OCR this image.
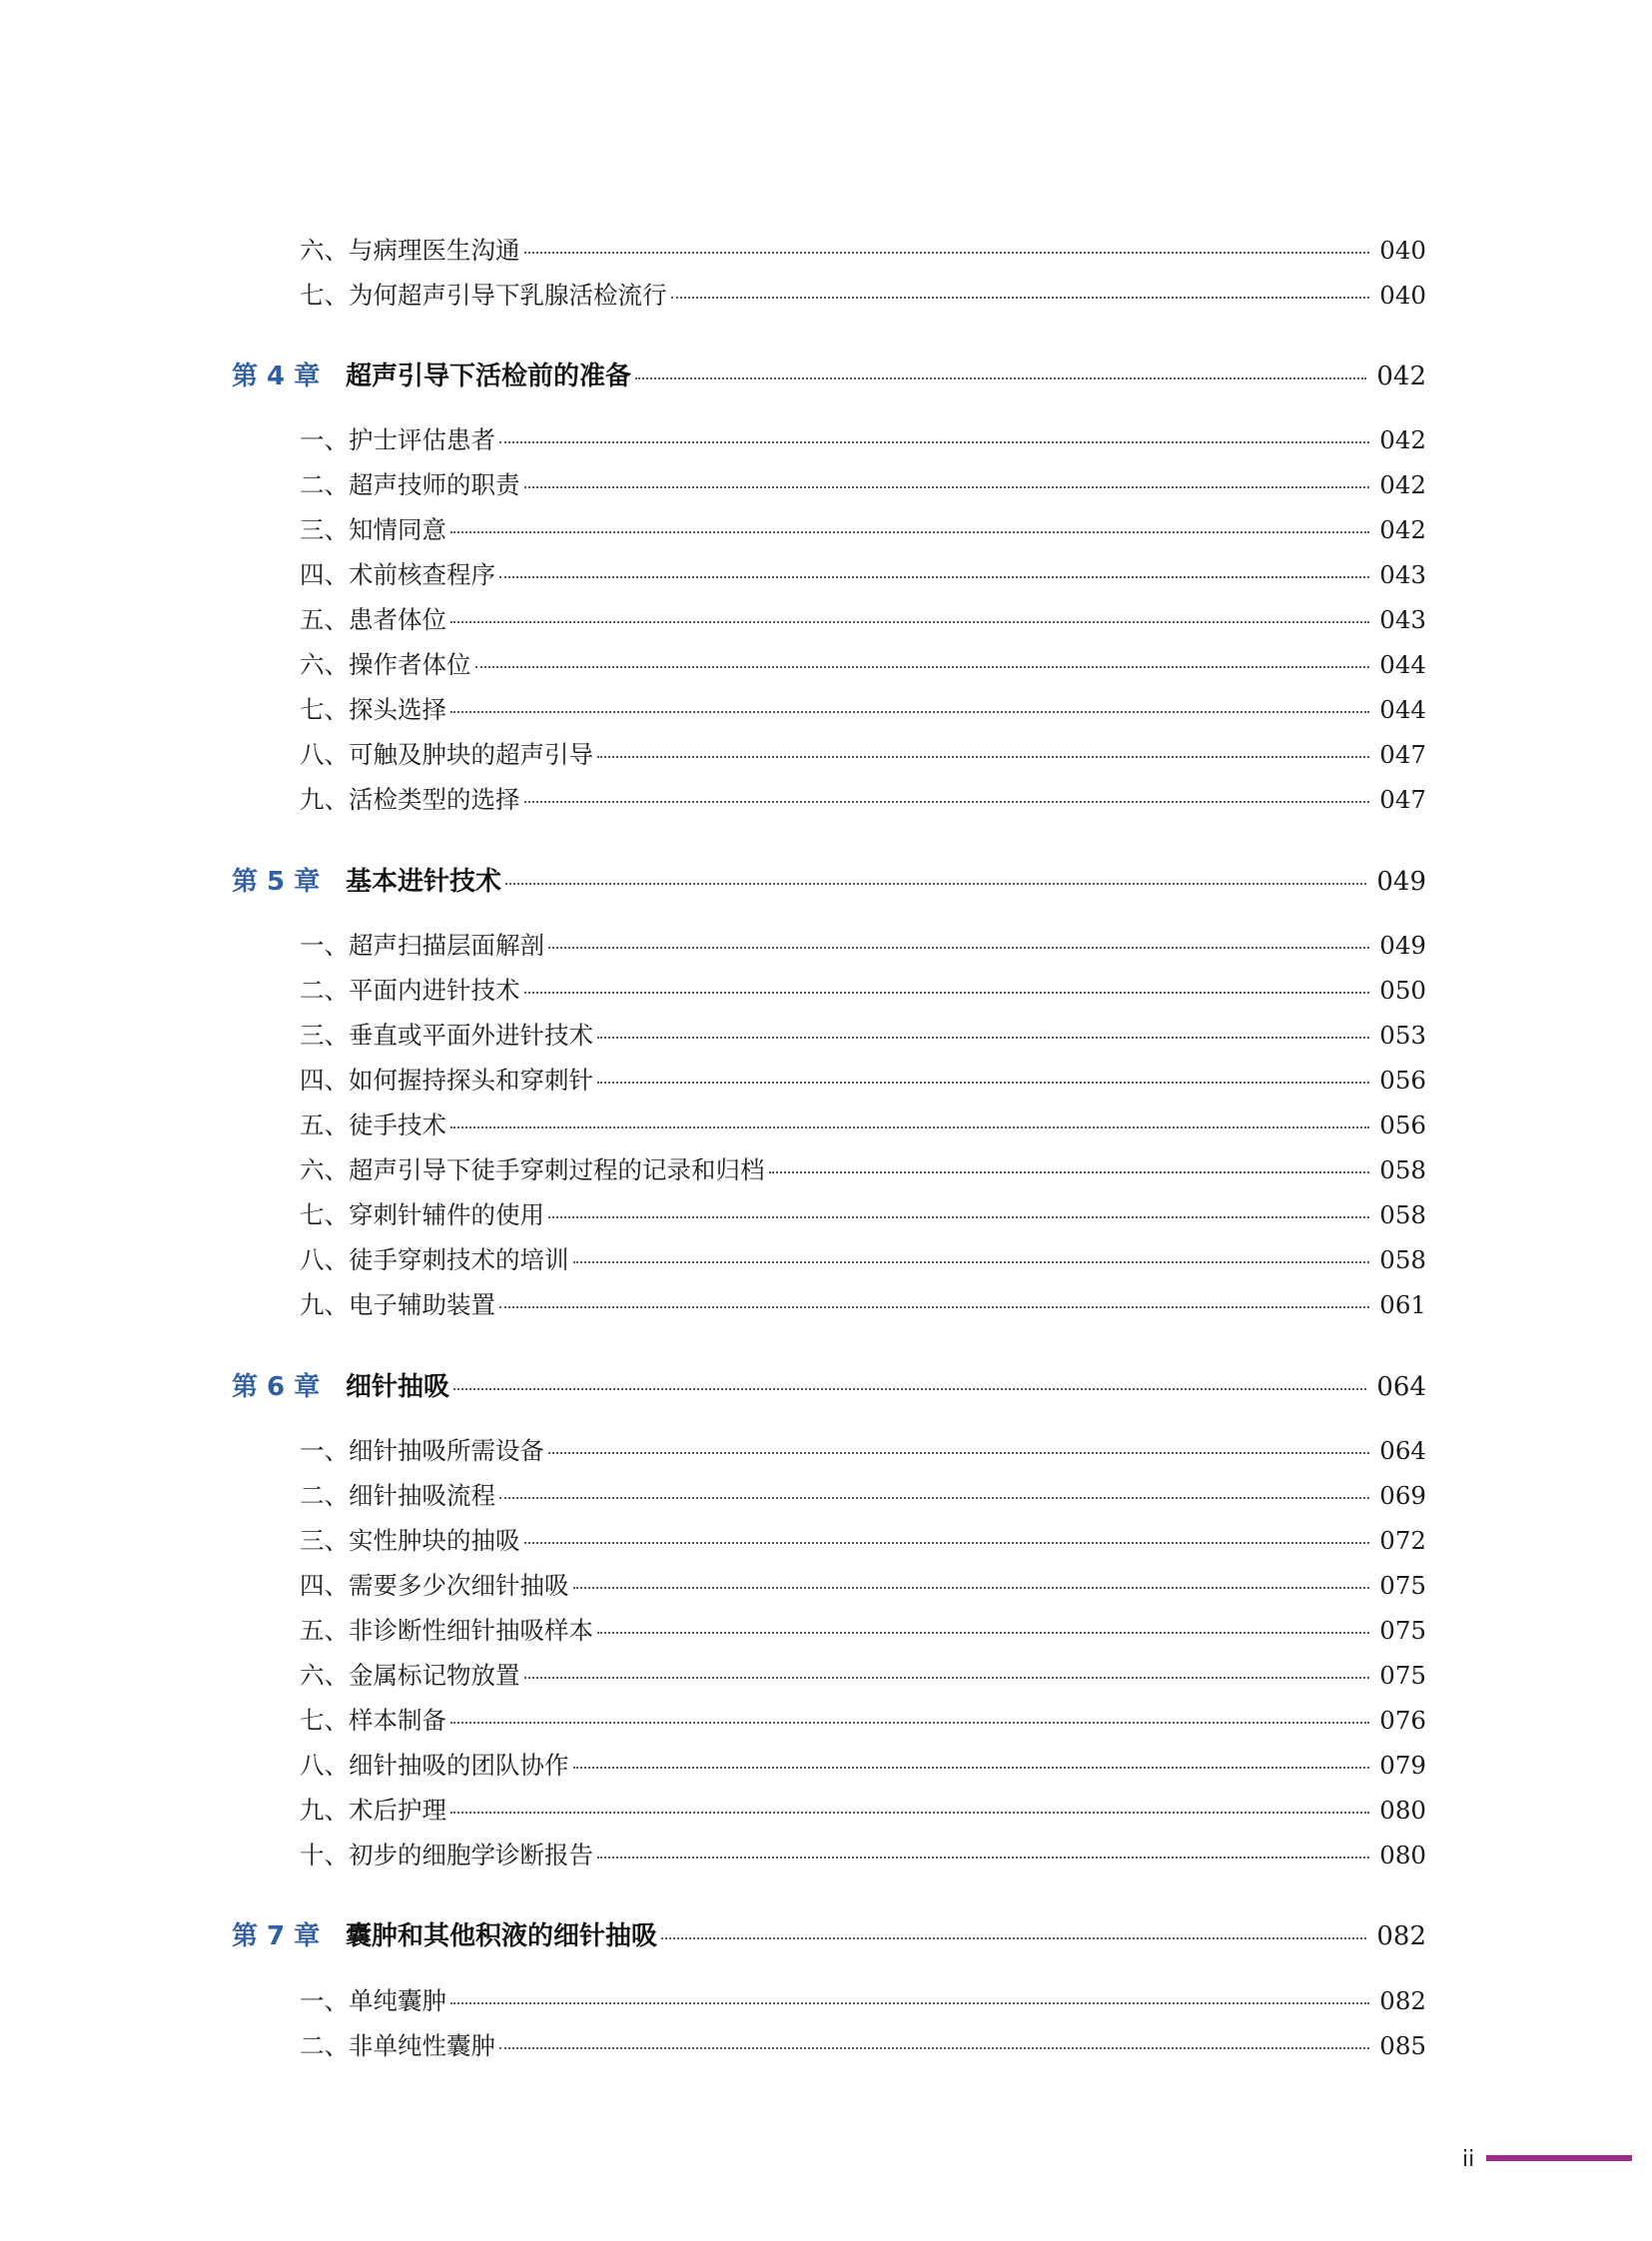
六、 与病理医生沟通	040
七、 为何超声引导下乳腺活检流行	040
第 4 章 超声引导下活检前的准备	042
一、 护士评估患者	042
二、 超声技师的职责	042
三、 知情同意	042
四、 术前核查程序	043
五、 患者体位	043
六、 操作者体位	044
七、 探头选择	044
八、 可触及肿块的超声引导	047
九、 活检类型的选择	047
第 5 章 基本进针技术	049
一、 超声扫描层面解剖	049
二、 平面内进针技术	050
三、 垂直或平面外进针技术	053
四、 如何握持探头和穿刺针	056
五、 徒手技术	056
六、 超声引导下徒手穿刺过程的记录和归档	058
七、 穿刺针辅件的使用	058
八、 徒手穿刺技术的培训	058
九、 电子辅助装置	061
第 6 章 细针抽吸	064
一、 细针抽吸所需设备	064
二、 细针抽吸流程	069
三、 实性肿块的抽吸	072
四、 需要多少次细针抽吸	075
五、 非诊断性细针抽吸样本	075
六、 金属标记物放置	075
七、 样本制备	076
八、 细针抽吸的团队协作	079
九、 术后护理	080
十、 初步的细胞学诊断报告	080
第 7 章 囊肿和其他积液的细针抽吸	082
一、 单纯囊肿	082
二、 非单纯性囊肿	085
ii
